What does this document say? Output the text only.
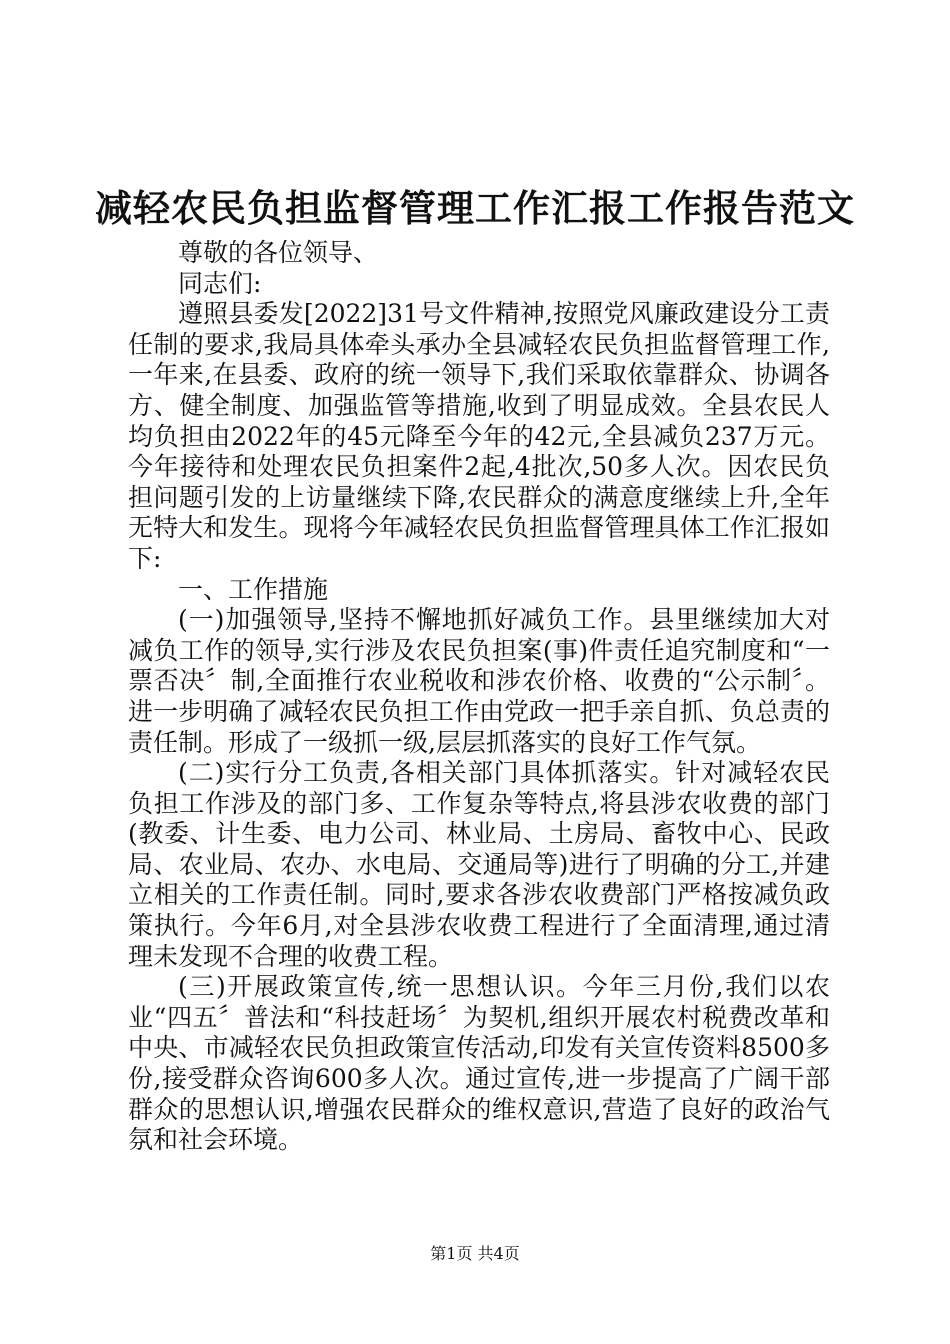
减轻农民负担监督管理工作汇报工作报告范文

尊敬的各位领导、

同志们:

遵照县委发[2022]31号文件精神,按照党风廉政建设分工责任制的要求,我局具体牵头承办全县减轻农民负担监督管理工作,一年来,在县委、政府的统一领导下,我们采取依靠群众、协调各方、健全制度、加强监管等措施,收到了明显成效。全县农民人均负担由2022年的45元降至今年的42元,全县减负237万元。今年接待和处理农民负担案件2起,4批次,50多人次。因农民负担问题引发的上访量继续下降,农民群众的满意度继续上升,全年无特大和发生。现将今年减轻农民负担监督管理具体工作汇报如下:

一、工作措施

(一)加强领导,坚持不懈地抓好减负工作。县里继续加大对减负工作的领导,实行涉及农民负担案(事)件责任追究制度和“一票否决〞制,全面推行农业税收和涉农价格、收费的“公示制〞。进一步明确了减轻农民负担工作由党政一把手亲自抓、负总责的责任制。形成了一级抓一级,层层抓落实的良好工作气氛。

(二)实行分工负责,各相关部门具体抓落实。针对减轻农民负担工作涉及的部门多、工作复杂等特点,将县涉农收费的部门(教委、计生委、电力公司、林业局、土房局、畜牧中心、民政局、农业局、农办、水电局、交通局等)进行了明确的分工,并建立相关的工作责任制。同时,要求各涉农收费部门严格按减负政策执行。今年6月,对全县涉农收费工程进行了全面清理,通过清理未发现不合理的收费工程。

(三)开展政策宣传,统一思想认识。今年三月份,我们以农业“四五〞普法和“科技赶场〞为契机,组织开展农村税费改革和中央、市减轻农民负担政策宣传活动,印发有关宣传资料8500多份,接受群众咨询600多人次。通过宣传,进一步提高了广阔干部群众的思想认识,增强农民群众的维权意识,营造了良好的政治气氛和社会环境。

第1页 共4页
